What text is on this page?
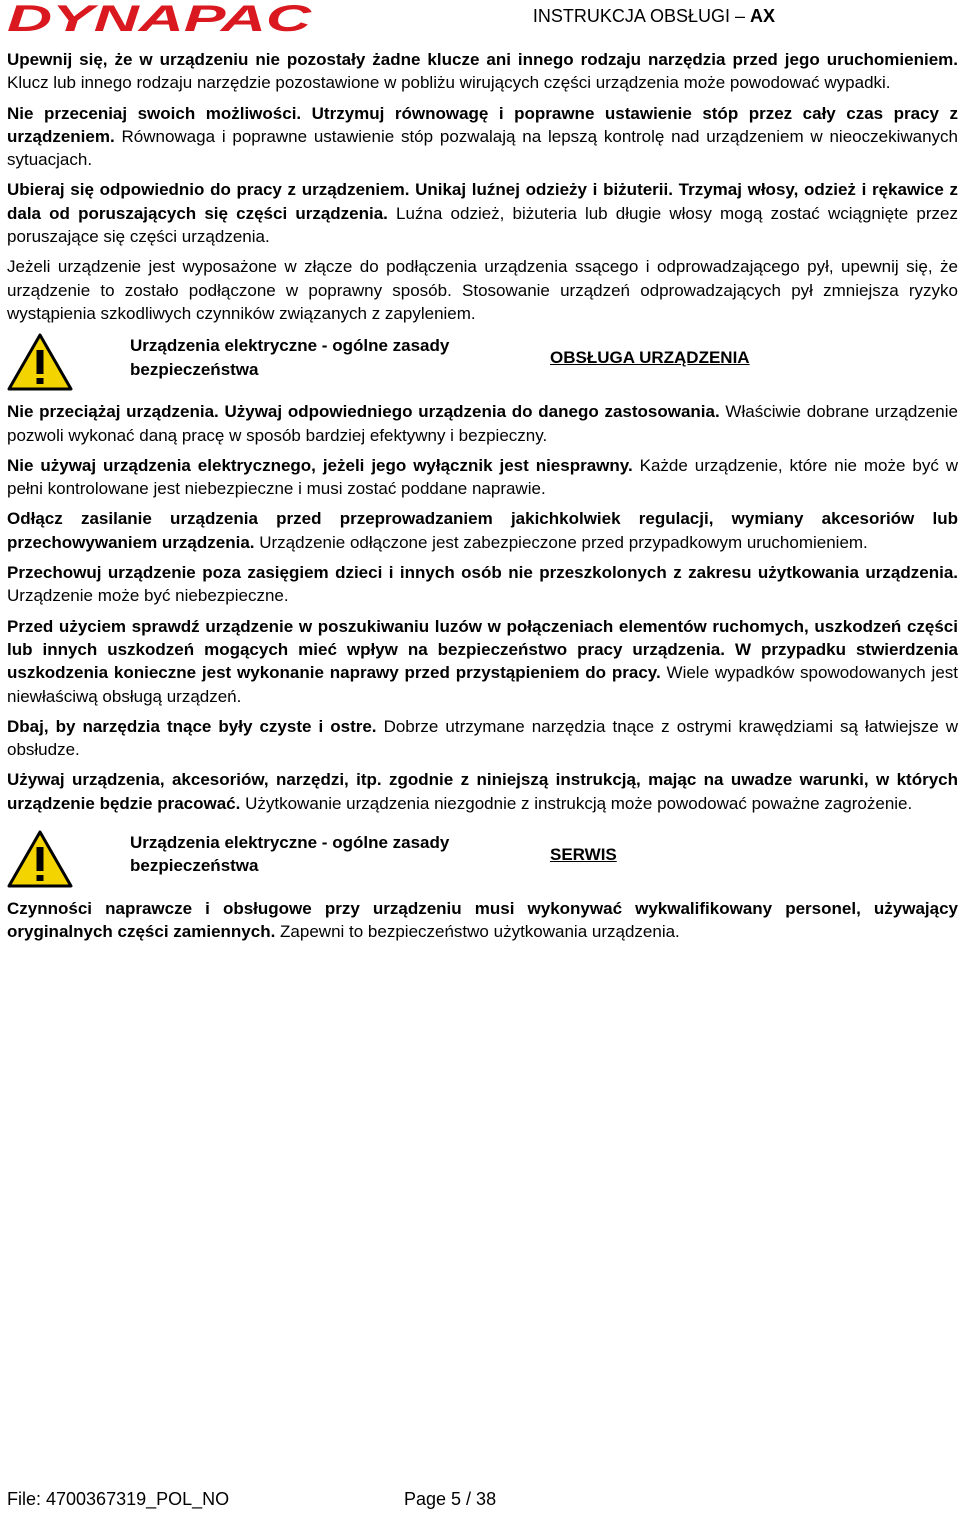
DYNAPAC	INSTRUKCJA OBSŁUGI – AX

Upewnij się, że w urządzeniu nie pozostały żadne klucze ani innego rodzaju narzędzia przed jego uruchomieniem. Klucz lub innego rodzaju narzędzie pozostawione w pobliżu wirujących części urządzenia może powodować wypadki.

Nie przeceniaj swoich możliwości. Utrzymuj równowagę i poprawne ustawienie stóp przez cały czas pracy z urządzeniem. Równowaga i poprawne ustawienie stóp pozwalają na lepszą kontrolę nad urządzeniem w nieoczekiwanych sytuacjach.

Ubieraj się odpowiednio do pracy z urządzeniem. Unikaj luźnej odzieży i biżuterii. Trzymaj włosy, odzież i rękawice z dala od poruszających się części urządzenia. Luźna odzież, biżuteria lub długie włosy mogą zostać wciągnięte przez poruszające się części urządzenia.

Jeżeli urządzenie jest wyposażone w złącze do podłączenia urządzenia ssącego i odprowadzającego pył, upewnij się, że urządzenie to zostało podłączone w poprawny sposób. Stosowanie urządzeń odprowadzających pył zmniejsza ryzyko wystąpienia szkodliwych czynników związanych z zapyleniem.

Urządzenia elektryczne - ogólne zasady bezpieczeństwa
OBSŁUGA URZĄDZENIA

Nie przeciążaj urządzenia. Używaj odpowiedniego urządzenia do danego zastosowania. Właściwie dobrane urządzenie pozwoli wykonać daną pracę w sposób bardziej efektywny i bezpieczny.

Nie używaj urządzenia elektrycznego, jeżeli jego wyłącznik jest niesprawny. Każde urządzenie, które nie może być w pełni kontrolowane jest niebezpieczne i musi zostać poddane naprawie.

Odłącz zasilanie urządzenia przed przeprowadzaniem jakichkolwiek regulacji, wymiany akcesoriów lub przechowywaniem urządzenia. Urządzenie odłączone jest zabezpieczone przed przypadkowym uruchomieniem.

Przechowuj urządzenie poza zasięgiem dzieci i innych osób nie przeszkolonych z zakresu użytkowania urządzenia. Urządzenie może być niebezpieczne.

Przed użyciem sprawdź urządzenie w poszukiwaniu luzów w połączeniach elementów ruchomych, uszkodzeń części lub innych uszkodzeń mogących mieć wpływ na bezpieczeństwo pracy urządzenia. W przypadku stwierdzenia uszkodzenia konieczne jest wykonanie naprawy przed przystąpieniem do pracy. Wiele wypadków spowodowanych jest niewłaściwą obsługą urządzeń.

Dbaj, by narzędzia tnące były czyste i ostre. Dobrze utrzymane narzędzia tnące z ostrymi krawędziami są łatwiejsze w obsłudze.

Używaj urządzenia, akcesoriów, narzędzi, itp. zgodnie z niniejszą instrukcją, mając na uwadze warunki, w których urządzenie będzie pracować. Użytkowanie urządzenia niezgodnie z instrukcją może powodować poważne zagrożenie.

Urządzenia elektryczne - ogólne zasady bezpieczeństwa
SERWIS

Czynności naprawcze i obsługowe przy urządzeniu musi wykonywać wykwalifikowany personel, używający oryginalnych części zamiennych. Zapewni to bezpieczeństwo użytkowania urządzenia.

File: 4700367319_POL_NO	Page 5 / 38
